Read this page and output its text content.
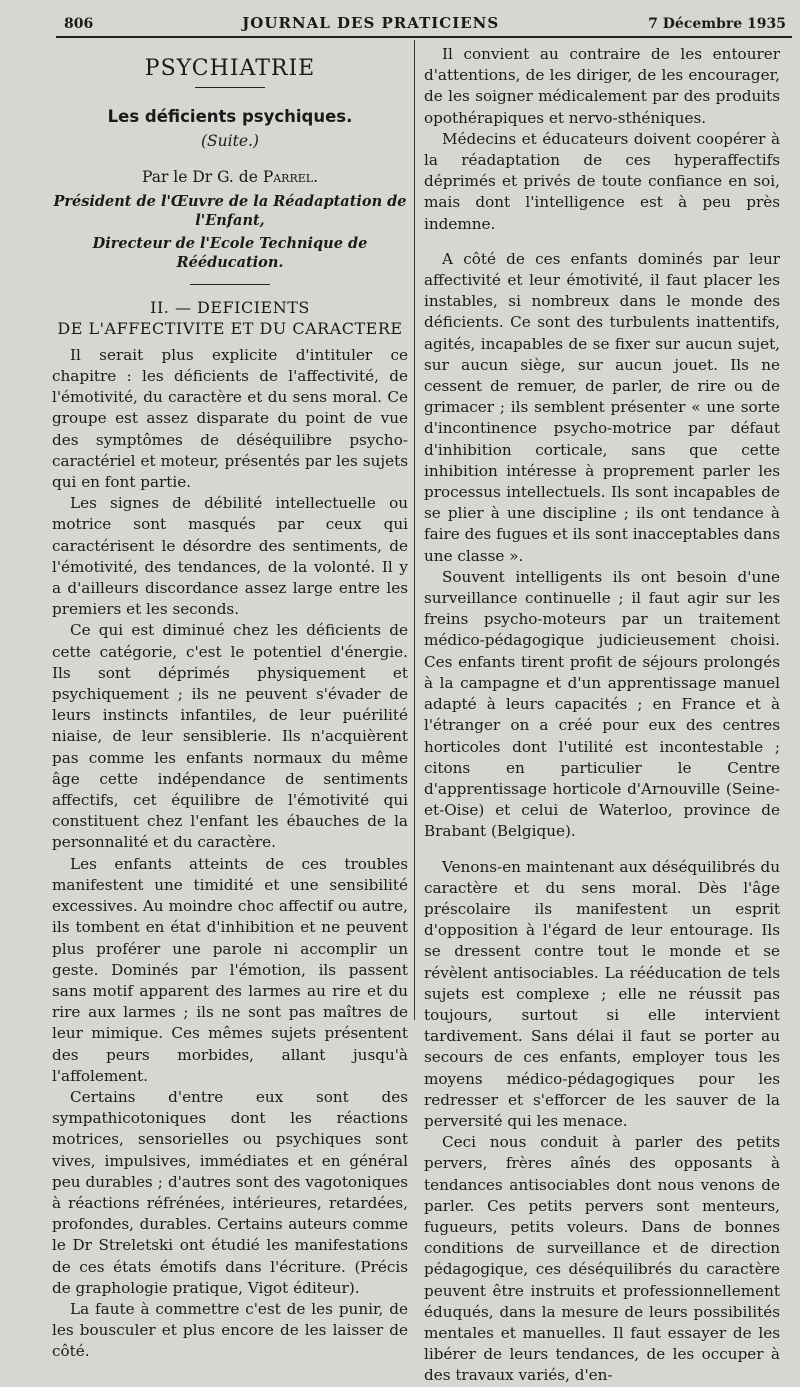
806	JOURNAL DES PRATICIENS	7 Décembre 1935
PSYCHIATRIE
Les déficients psychiques.
(Suite.)
Par le Dr G. de Parrel.
Président de l'Œuvre de la Réadaptation de l'Enfant,
Directeur de l'Ecole Technique de Rééducation.
II. — DEFICIENTS
DE L'AFFECTIVITE ET DU CARACTERE

Il serait plus explicite d'intituler ce chapitre : les déficients de l'affectivité, de l'émotivité, du caractère et du sens moral. Ce groupe est assez disparate du point de vue des symptômes de déséquilibre psycho-caractériel et moteur, présentés par les sujets qui en font partie.

Les signes de débilité intellectuelle ou motrice sont masqués par ceux qui caractérisent le désordre des sentiments, de l'émotivité, des tendances, de la volonté. Il y a d'ailleurs discordance assez large entre les premiers et les seconds.

Ce qui est diminué chez les déficients de cette catégorie, c'est le potentiel d'énergie. Ils sont déprimés physiquement et psychiquement ; ils ne peuvent s'évader de leurs instincts infantiles, de leur puérilité niaise, de leur sensiblerie. Ils n'acquièrent pas comme les enfants normaux du même âge cette indépendance de sentiments affectifs, cet équilibre de l'émotivité qui constituent chez l'enfant les ébauches de la personnalité et du caractère.

Les enfants atteints de ces troubles manifestent une timidité et une sensibilité excessives. Au moindre choc affectif ou autre, ils tombent en état d'inhibition et ne peuvent plus proférer une parole ni accomplir un geste. Dominés par l'émotion, ils passent sans motif apparent des larmes au rire et du rire aux larmes ; ils ne sont pas maîtres de leur mimique. Ces mêmes sujets présentent des peurs morbides, allant jusqu'à l'affolement.

Certains d'entre eux sont des sympathicotoniques dont les réactions motrices, sensorielles ou psychiques sont vives, impulsives, immédiates et en général peu durables ; d'autres sont des vagotoniques à réactions réfrénées, intérieures, retardées, profondes, durables. Certains auteurs comme le Dr Streletski ont étudié les manifestations de ces états émotifs dans l'écriture. (Précis de graphologie pratique, Vigot éditeur).

La faute à commettre c'est de les punir, de les bousculer et plus encore de les laisser de côté.

Il convient au contraire de les entourer d'attentions, de les diriger, de les encourager, de les soigner médicalement par des produits opothérapiques et nervo-sthéniques.

Médecins et éducateurs doivent coopérer à la réadaptation de ces hyperaffectifs déprimés et privés de toute confiance en soi, mais dont l'intelligence est à peu près indemne.

A côté de ces enfants dominés par leur affectivité et leur émotivité, il faut placer les instables, si nombreux dans le monde des déficients. Ce sont des turbulents inattentifs, agités, incapables de se fixer sur aucun sujet, sur aucun siège, sur aucun jouet. Ils ne cessent de remuer, de parler, de rire ou de grimacer ; ils semblent présenter « une sorte d'incontinence psycho-motrice par défaut d'inhibition corticale, sans que cette inhibition intéresse à proprement parler les processus intellectuels. Ils sont incapables de se plier à une discipline ; ils ont tendance à faire des fugues et ils sont inacceptables dans une classe ».

Souvent intelligents ils ont besoin d'une surveillance continuelle ; il faut agir sur les freins psycho-moteurs par un traitement médico-pédagogique judicieusement choisi. Ces enfants tirent profit de séjours prolongés à la campagne et d'un apprentissage manuel adapté à leurs capacités ; en France et à l'étranger on a créé pour eux des centres horticoles dont l'utilité est incontestable ; citons en particulier le Centre d'apprentissage horticole d'Arnouville (Seine-et-Oise) et celui de Waterloo, province de Brabant (Belgique).

Venons-en maintenant aux déséquilibrés du caractère et du sens moral. Dès l'âge préscolaire ils manifestent un esprit d'opposition à l'égard de leur entourage. Ils se dressent contre tout le monde et se révèlent antisociables. La rééducation de tels sujets est complexe ; elle ne réussit pas toujours, surtout si elle intervient tardivement. Sans délai il faut se porter au secours de ces enfants, employer tous les moyens médico-pédagogiques pour les redresser et s'efforcer de les sauver de la perversité qui les menace.

Ceci nous conduit à parler des petits pervers, frères aînés des opposants à tendances antisociables dont nous venons de parler. Ces petits pervers sont menteurs, fugueurs, petits voleurs. Dans de bonnes conditions de surveillance et de direction pédagogique, ces déséquilibrés du caractère peuvent être instruits et professionnellement éduqués, dans la mesure de leurs possibilités mentales et manuelles. Il faut essayer de les libérer de leurs tendances, de les occuper à des travaux variés, d'en-
